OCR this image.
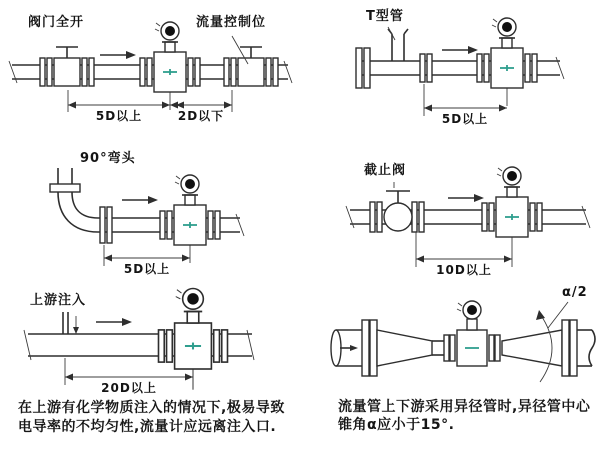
阀门全开	流量控制位
5D以上	2D以下
T型管
5D以上
90°弯头
5D以上
截止阀
10D以上
上游注入
20D以上
在上游有化学物质注入的情况下,极易导致
电导率的不均匀性,流量计应远离注入口.
α/2
流量管上下游采用异径管时,异径管中心
锥角α应小于15°.
